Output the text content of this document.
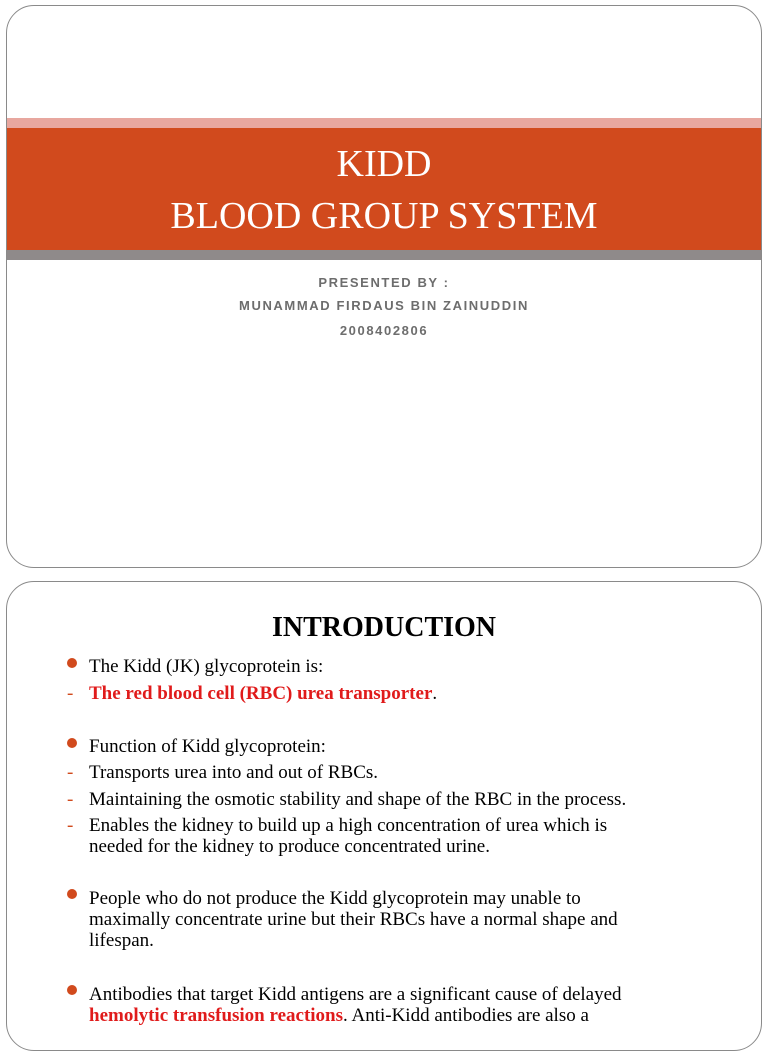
KIDD
BLOOD GROUP SYSTEM
PRESENTED BY :
MUNAMMAD FIRDAUS BIN ZAINUDDIN
2008402806
INTRODUCTION
The Kidd (JK) glycoprotein is:
- The red blood cell (RBC) urea transporter.
Function of Kidd glycoprotein:
- Transports urea into and out of RBCs.
- Maintaining the osmotic stability and shape of the RBC in the process.
- Enables the kidney to build up a high concentration of urea which is
needed for the kidney to produce concentrated urine.
People who do not produce the Kidd glycoprotein may unable to
maximally concentrate urine but their RBCs have a normal shape and
lifespan.
Antibodies that target Kidd antigens are a significant cause of delayed
hemolytic transfusion reactions. Anti-Kidd antibodies are also a
